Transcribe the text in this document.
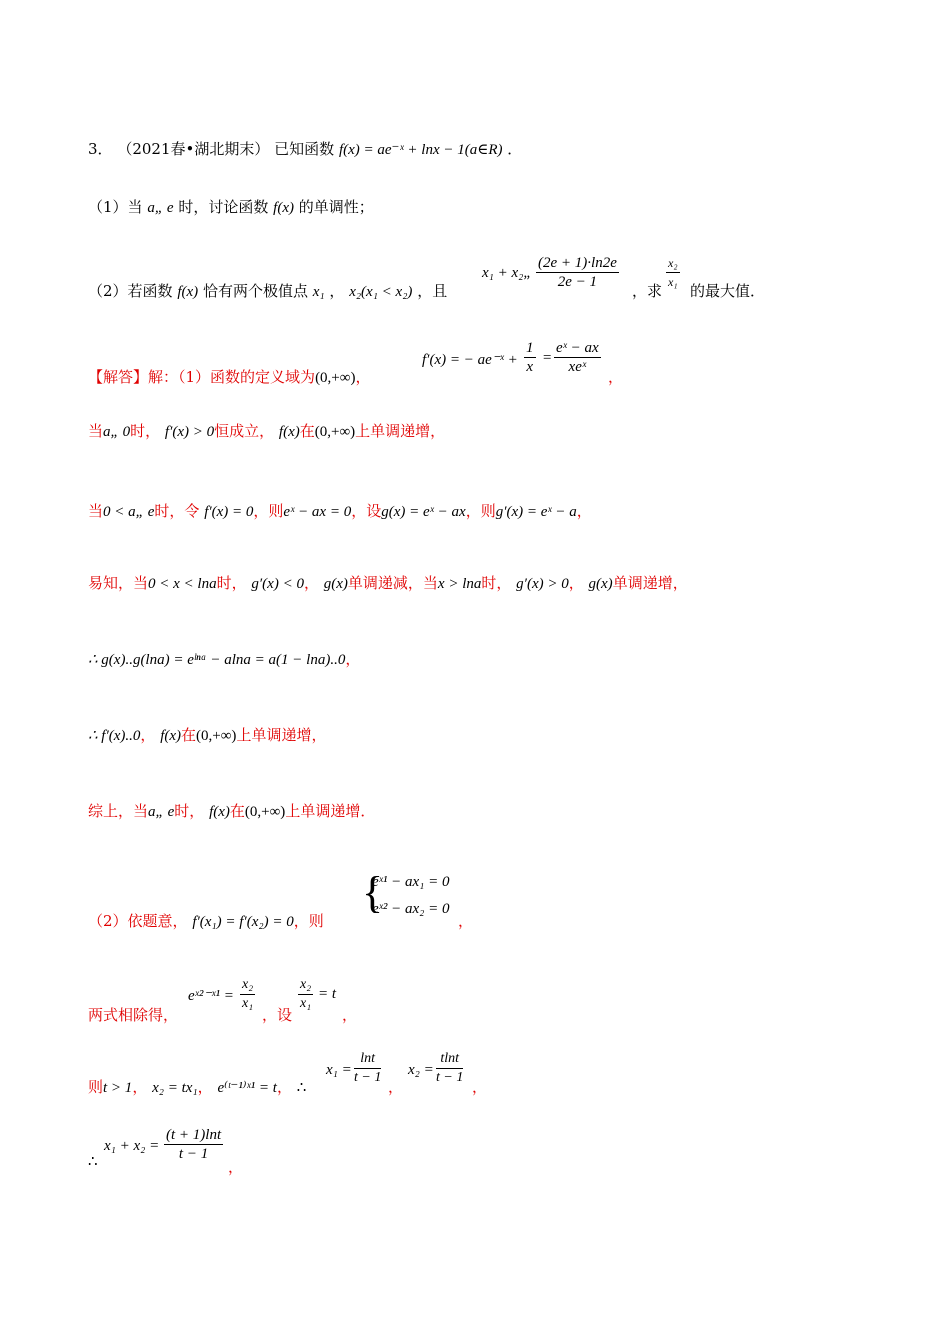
3． （2021春•湖北期末） 已知函数 f(x) = ae⁻ˣ + lnx − 1(a∈R) ．
（1）当 a„ e 时，讨论函数 f(x) 的单调性；
（2）若函数 f(x) 恰有两个极值点 x₁ ， x₂(x₁ < x₂) ，且
x₁ + x₂„ $\frac{(2e + 1)\cdot\ln 2e}{2e - 1}$ ，求 $\frac{\text{x₂}}{\text{x₁}}$ 的最大值．
【解答】解：（1）函数的定义域为(0,+∞)，
f′(x) = − ae⁻ˣ + $\frac{1}{x}$ =
eˣ − ax
xeˣ
，
当a„ 0时， f′(x) > 0恒成立， f(x)在(0,+∞)上单调递增，
当0 < a„ e时，令 f′(x) = 0，则eˣ − ax = 0，设g(x) = eˣ − ax，则g′(x) = eˣ − a，
易知，当0 < x < lna时， g′(x) < 0， g(x)单调递减，当x > lna时， g′(x) > 0， g(x)单调递增，
∴ g(x)..g(lna) = eˡⁿᵃ − alna = a(1 − lna)..0，
∴ f′(x)..0， f(x)在(0,+∞)上单调递增，
综上，当a„ e时， f(x)在(0,+∞)上单调递增．
（2）依题意， f′(x₁) = f′(x₂) = 0，则
{
eˣ¹ − ax₁ = 0
eˣ² − ax₂ = 0
，
两式相除得，
eˣ²⁻ˣ¹ = $\frac{\text{x₂}}{\text{x₁}}$
，设
$\frac{\text{x₂}}{\text{x₁}} = t$
，
则t > 1， x₂ = tx₁， e⁽ᵗ⁻¹⁾ˣ¹ = t， ∴
$x_1 = \frac{\ln t}{t - 1}$ ，
$x_2 = \frac{tlnt}{t - 1}$ ，
∴
$x_1 + x_2 = \frac{(t + 1)\ln t}{t - 1}$
，
